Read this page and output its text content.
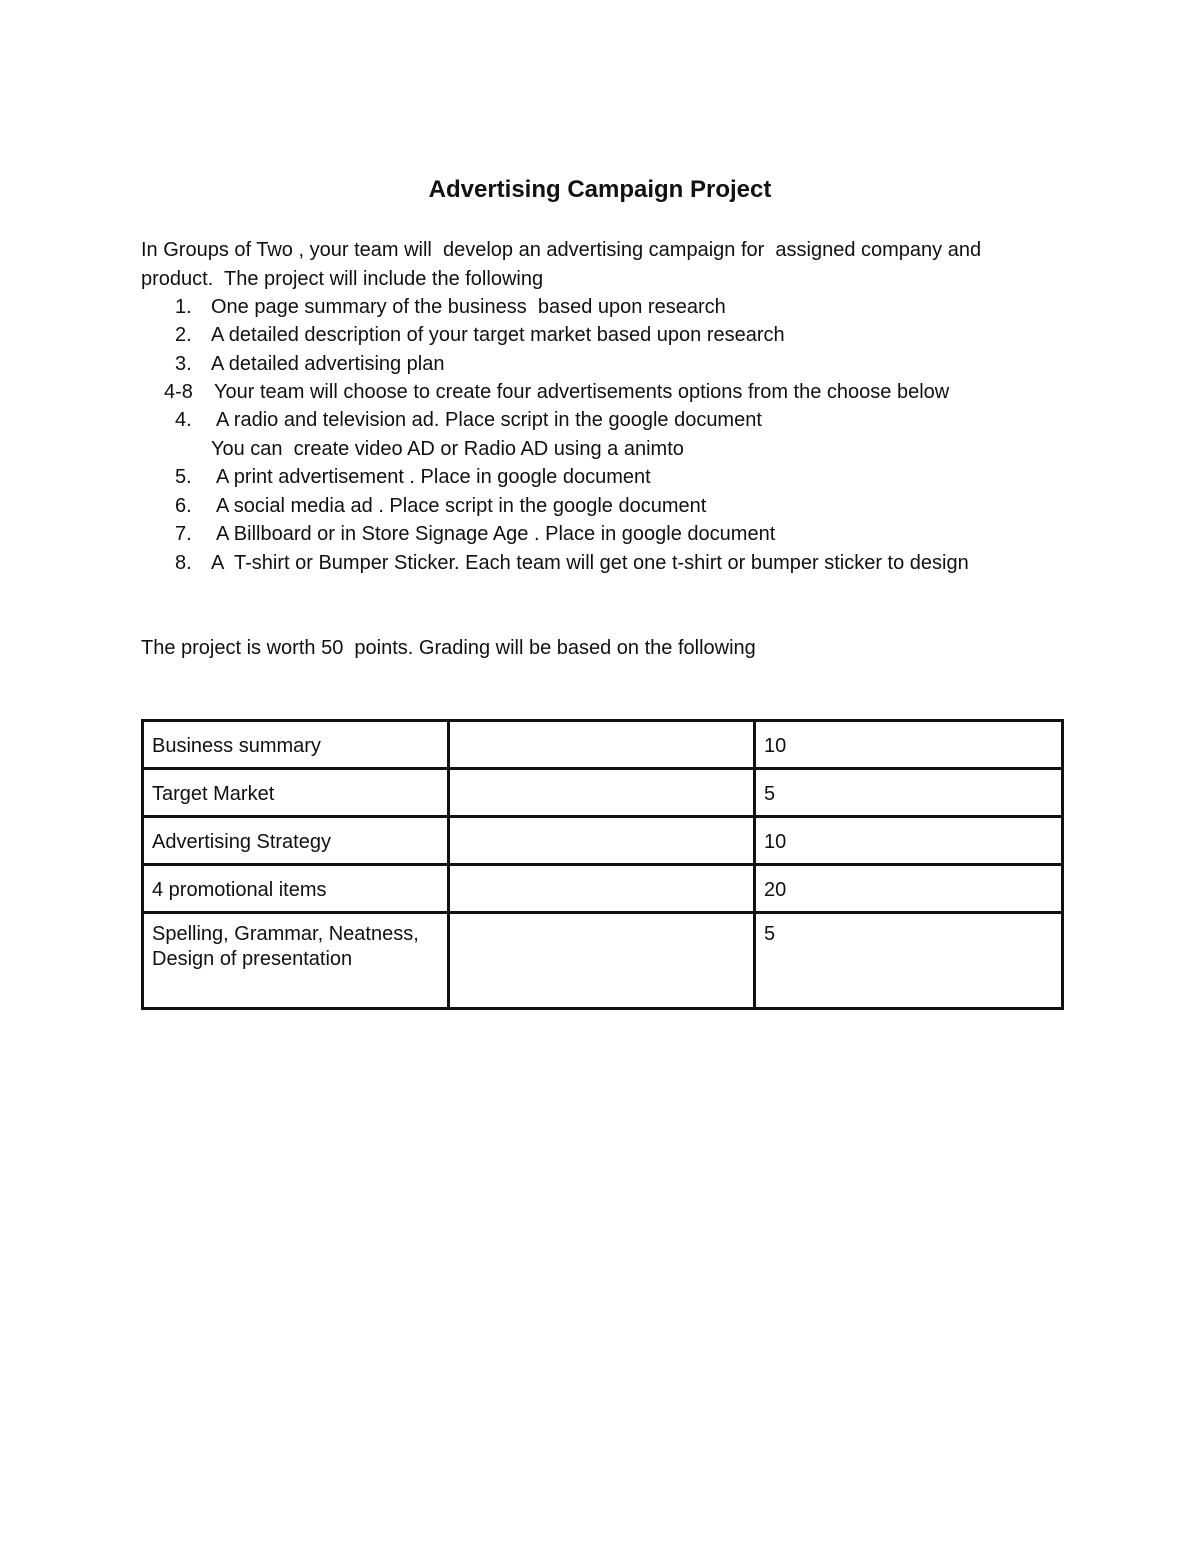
Advertising Campaign Project
In Groups of Two , your team will  develop an advertising campaign for  assigned company and
product.  The project will include the following
1. One page summary of the business  based upon research
2. A detailed description of your target market based upon research
3. A detailed advertising plan
4-8 Your team will choose to create four advertisements options from the choose below
4. A radio and television ad. Place script in the google document
You can  create video AD or Radio AD using a animto
5. A print advertisement . Place in google document
6. A social media ad . Place script in the google document
7. A Billboard or in Store Signage Age . Place in google document
8. A  T-shirt or Bumper Sticker. Each team will get one t-shirt or bumper sticker to design
The project is worth 50  points. Grading will be based on the following
Business summary		10
Target Market		5
Advertising Strategy		10
4 promotional items		20
Spelling, Grammar, Neatness, Design of presentation		5
